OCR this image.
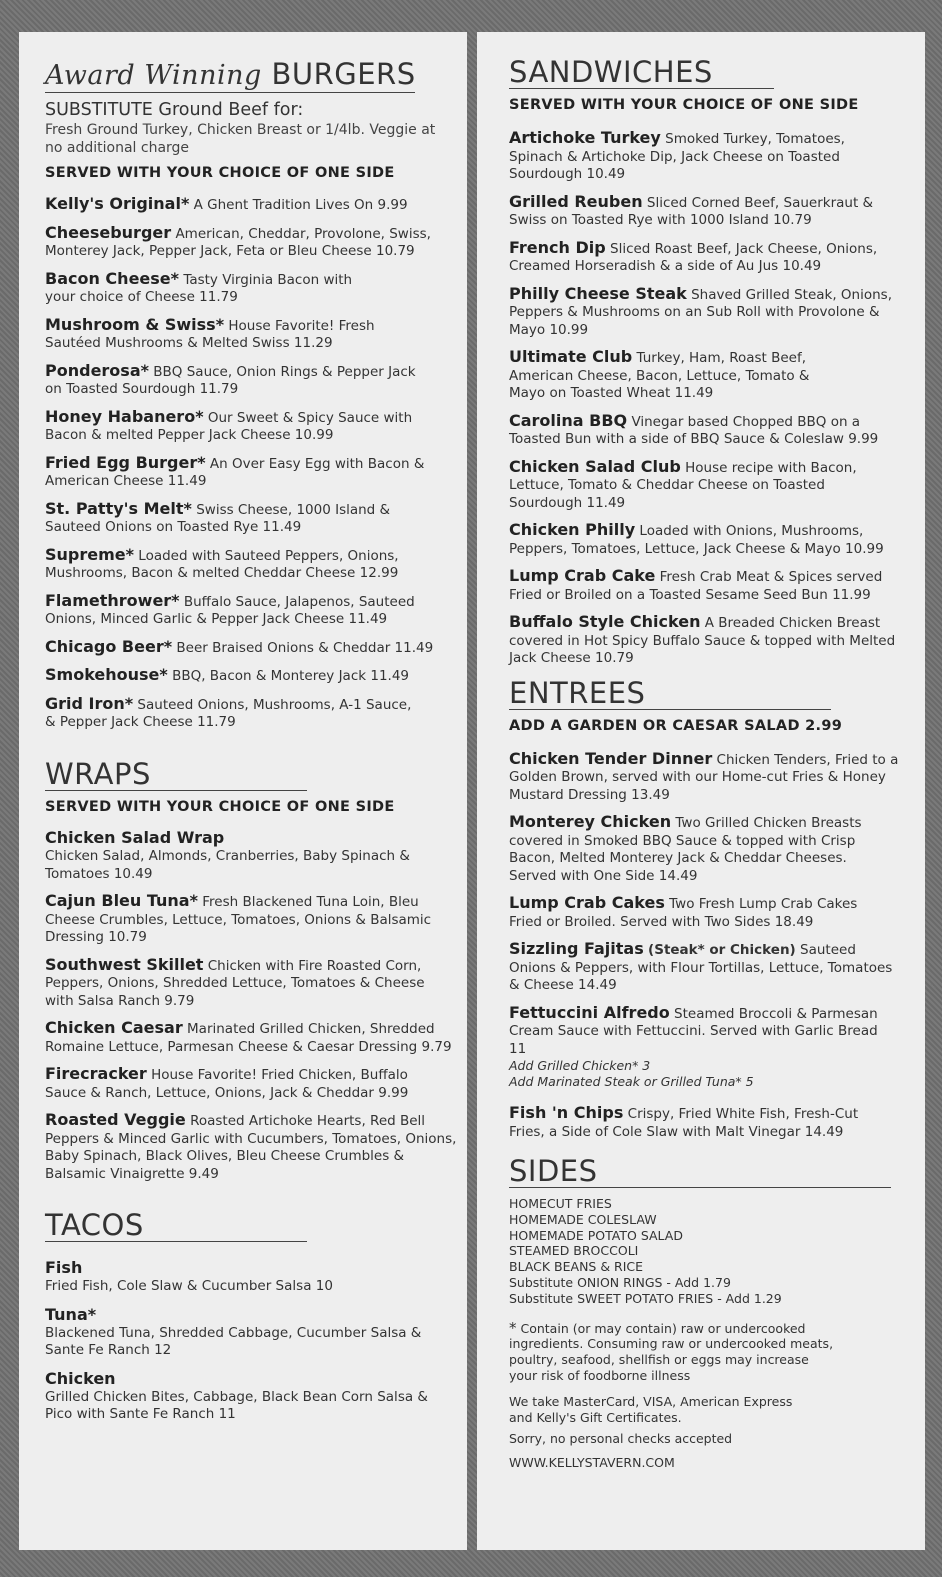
Award Winning BURGERS
SUBSTITUTE Ground Beef for:
Fresh Ground Turkey, Chicken Breast or 1/4lb. Veggie at no additional charge
SERVED WITH YOUR CHOICE OF ONE SIDE
Kelly's Original* A Ghent Tradition Lives On 9.99
Cheeseburger American, Cheddar, Provolone, Swiss, Monterey Jack, Pepper Jack, Feta or Bleu Cheese 10.79
Bacon Cheese* Tasty Virginia Bacon with your choice of Cheese 11.79
Mushroom & Swiss* House Favorite! Fresh Sautéed Mushrooms & Melted Swiss 11.29
Ponderosa* BBQ Sauce, Onion Rings & Pepper Jack on Toasted Sourdough 11.79
Honey Habanero* Our Sweet & Spicy Sauce with Bacon & melted Pepper Jack Cheese 10.99
Fried Egg Burger* An Over Easy Egg with Bacon & American Cheese 11.49
St. Patty's Melt* Swiss Cheese, 1000 Island & Sauteed Onions on Toasted Rye 11.49
Supreme* Loaded with Sauteed Peppers, Onions, Mushrooms, Bacon & melted Cheddar Cheese 12.99
Flamethrower* Buffalo Sauce, Jalapenos, Sauteed Onions, Minced Garlic & Pepper Jack Cheese 11.49
Chicago Beer* Beer Braised Onions & Cheddar 11.49
Smokehouse* BBQ, Bacon & Monterey Jack 11.49
Grid Iron* Sauteed Onions, Mushrooms, A-1 Sauce, & Pepper Jack Cheese 11.79
WRAPS
SERVED WITH YOUR CHOICE OF ONE SIDE
Chicken Salad Wrap
Chicken Salad, Almonds, Cranberries, Baby Spinach & Tomatoes 10.49
Cajun Bleu Tuna* Fresh Blackened Tuna Loin, Bleu Cheese Crumbles, Lettuce, Tomatoes, Onions & Balsamic Dressing 10.79
Southwest Skillet Chicken with Fire Roasted Corn, Peppers, Onions, Shredded Lettuce, Tomatoes & Cheese with Salsa Ranch 9.79
Chicken Caesar Marinated Grilled Chicken, Shredded Romaine Lettuce, Parmesan Cheese & Caesar Dressing 9.79
Firecracker House Favorite! Fried Chicken, Buffalo Sauce & Ranch, Lettuce, Onions, Jack & Cheddar 9.99
Roasted Veggie Roasted Artichoke Hearts, Red Bell Peppers & Minced Garlic with Cucumbers, Tomatoes, Onions, Baby Spinach, Black Olives, Bleu Cheese Crumbles & Balsamic Vinaigrette 9.49
TACOS
Fish
Fried Fish, Cole Slaw & Cucumber Salsa 10
Tuna*
Blackened Tuna, Shredded Cabbage, Cucumber Salsa & Sante Fe Ranch 12
Chicken
Grilled Chicken Bites, Cabbage, Black Bean Corn Salsa & Pico with Sante Fe Ranch 11
SANDWICHES
SERVED WITH YOUR CHOICE OF ONE SIDE
Artichoke Turkey Smoked Turkey, Tomatoes, Spinach & Artichoke Dip, Jack Cheese on Toasted Sourdough 10.49
Grilled Reuben Sliced Corned Beef, Sauerkraut & Swiss on Toasted Rye with 1000 Island 10.79
French Dip Sliced Roast Beef, Jack Cheese, Onions, Creamed Horseradish & a side of Au Jus 10.49
Philly Cheese Steak Shaved Grilled Steak, Onions, Peppers & Mushrooms on an Sub Roll with Provolone & Mayo 10.99
Ultimate Club Turkey, Ham, Roast Beef, American Cheese, Bacon, Lettuce, Tomato & Mayo on Toasted Wheat 11.49
Carolina BBQ Vinegar based Chopped BBQ on a Toasted Bun with a side of BBQ Sauce & Coleslaw 9.99
Chicken Salad Club House recipe with Bacon, Lettuce, Tomato & Cheddar Cheese on Toasted Sourdough 11.49
Chicken Philly Loaded with Onions, Mushrooms, Peppers, Tomatoes, Lettuce, Jack Cheese & Mayo 10.99
Lump Crab Cake Fresh Crab Meat & Spices served Fried or Broiled on a Toasted Sesame Seed Bun 11.99
Buffalo Style Chicken A Breaded Chicken Breast covered in Hot Spicy Buffalo Sauce & topped with Melted Jack Cheese 10.79
ENTREES
ADD A GARDEN OR CAESAR SALAD 2.99
Chicken Tender Dinner Chicken Tenders, Fried to a Golden Brown, served with our Home-cut Fries & Honey Mustard Dressing 13.49
Monterey Chicken Two Grilled Chicken Breasts covered in Smoked BBQ Sauce & topped with Crisp Bacon, Melted Monterey Jack & Cheddar Cheeses. Served with One Side 14.49
Lump Crab Cakes Two Fresh Lump Crab Cakes Fried or Broiled. Served with Two Sides 18.49
Sizzling Fajitas (Steak* or Chicken) Sauteed Onions & Peppers, with Flour Tortillas, Lettuce, Tomatoes & Cheese 14.49
Fettuccini Alfredo Steamed Broccoli & Parmesan Cream Sauce with Fettuccini. Served with Garlic Bread 11
Add Grilled Chicken* 3
Add Marinated Steak or Grilled Tuna* 5
Fish 'n Chips Crispy, Fried White Fish, Fresh-Cut Fries, a Side of Cole Slaw with Malt Vinegar 14.49
SIDES
HOMECUT FRIES
HOMEMADE COLESLAW
HOMEMADE POTATO SALAD
STEAMED BROCCOLI
BLACK BEANS & RICE
Substitute ONION RINGS - Add 1.79
Substitute SWEET POTATO FRIES - Add 1.29
* Contain (or may contain) raw or undercooked ingredients. Consuming raw or undercooked meats, poultry, seafood, shellfish or eggs may increase your risk of foodborne illness
We take MasterCard, VISA, American Express and Kelly's Gift Certificates.
Sorry, no personal checks accepted
WWW.KELLYSTAVERN.COM
